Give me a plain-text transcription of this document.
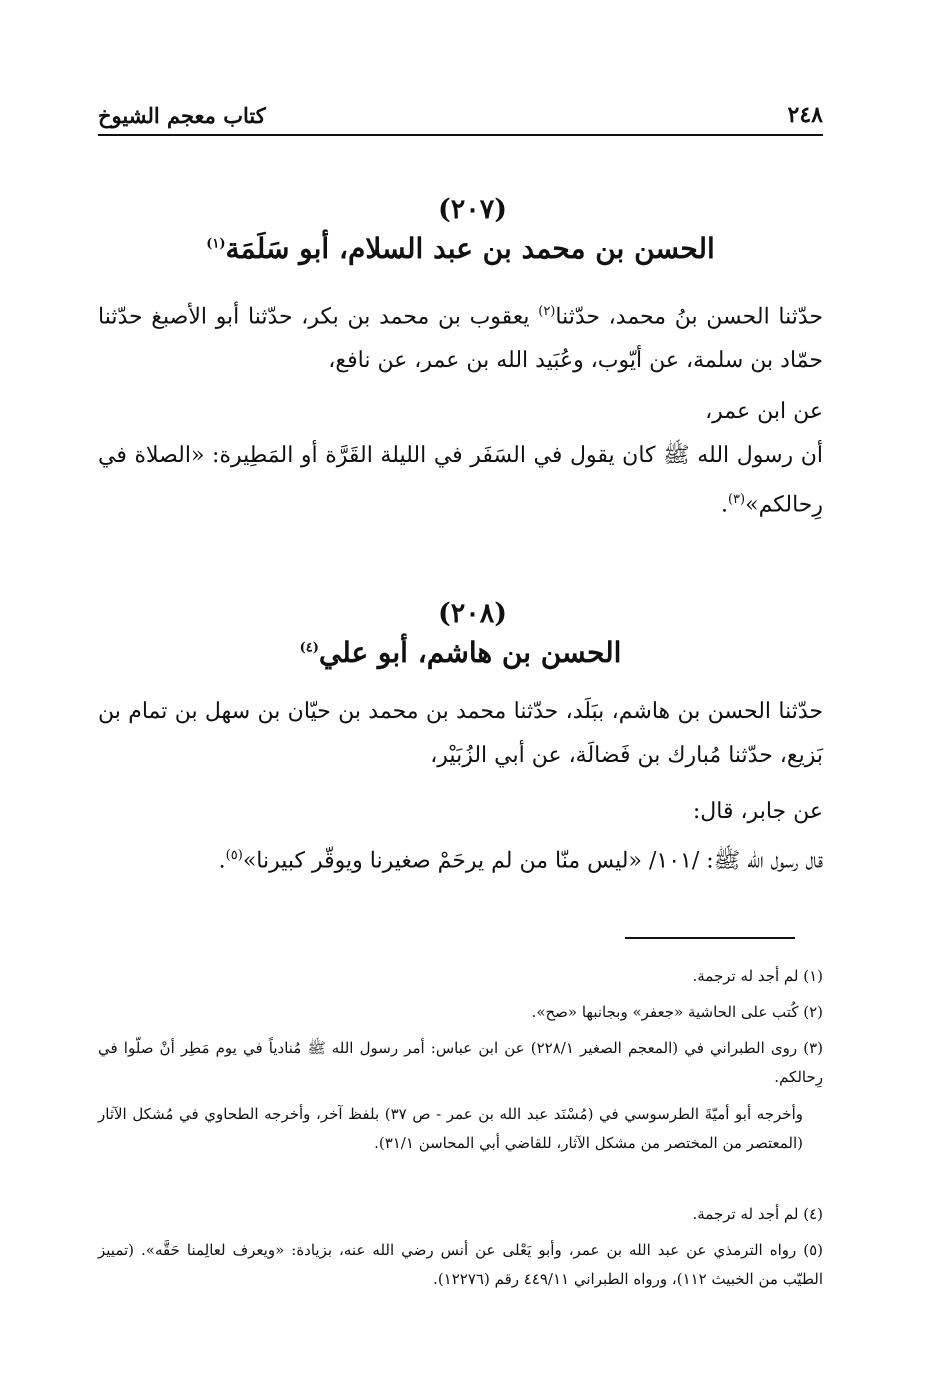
٢٤٨
كتاب معجم الشيوخ
(٢٠٧)
الحسن بن محمد بن عبد السلام، أبو سَلَمَة$^{(١)}$

حدّثنا الحسن بنُ محمد، حدّثنا$^{(٢)}$ يعقوب بن محمد بن بكر، حدّثنا أبو الأصبغ حدّثنا حمّاد بن سلمة، عن أيّوب، وعُبَيد الله بن عمر، عن نافع،

عن ابن عمر،

أن رسول الله ﷺ كان يقول في السَفَر في الليلة القَرَّة أو المَطِيرة: «الصلاة في رِحالكم»$^{(٣)}$.

(٢٠٨)
الحسن بن هاشم، أبو علي$^{(٤)}$

حدّثنا الحسن بن هاشم، ببَلَد، حدّثنا محمد بن محمد بن حيّان بن سهل بن تمام بن بَزيع، حدّثنا مُبارك بن فَضالَة، عن أبي الزُبَيْر،

عن جابر، قال:

قال رسول الله ﷺ: /١٠١/ «ليس منّا من لم يرحَمْ صغيرنا ويوقّر كبيرنا»$^{(٥)}$.

(١) لم أجد له ترجمة.

(٢) كُتب على الحاشية «جعفر» وبجانبها «صح».

(٣) روى الطبراني في (المعجم الصغير ٢٢٨/١) عن ابن عباس: أمر رسول الله ﷺ مُنادياً في يوم مَطِر أنْ صلّوا في رِحالكم.

وأخرجه أبو أميّةَ الطرسوسي في (مُسْنَد عبد الله بن عمر - ص ٣٧) بلفظ آخر، وأخرجه الطحاوي في مُشكل الآثار (المعتصر من المختصر من مشكل الآثار، للقاضي أبي المحاسن ٣١/١).

(٤) لم أجد له ترجمة.

(٥) رواه الترمذي عن عبد الله بن عمر، وأبو يَعْلى عن أنس رضي الله عنه، بزيادة: «ويعرف لعالِمنا حَقَّه». (تمييز الطيّب من الخبيث ١١٢)، ورواه الطبراني ٤٤٩/١١ رقم (١٢٢٧٦).
